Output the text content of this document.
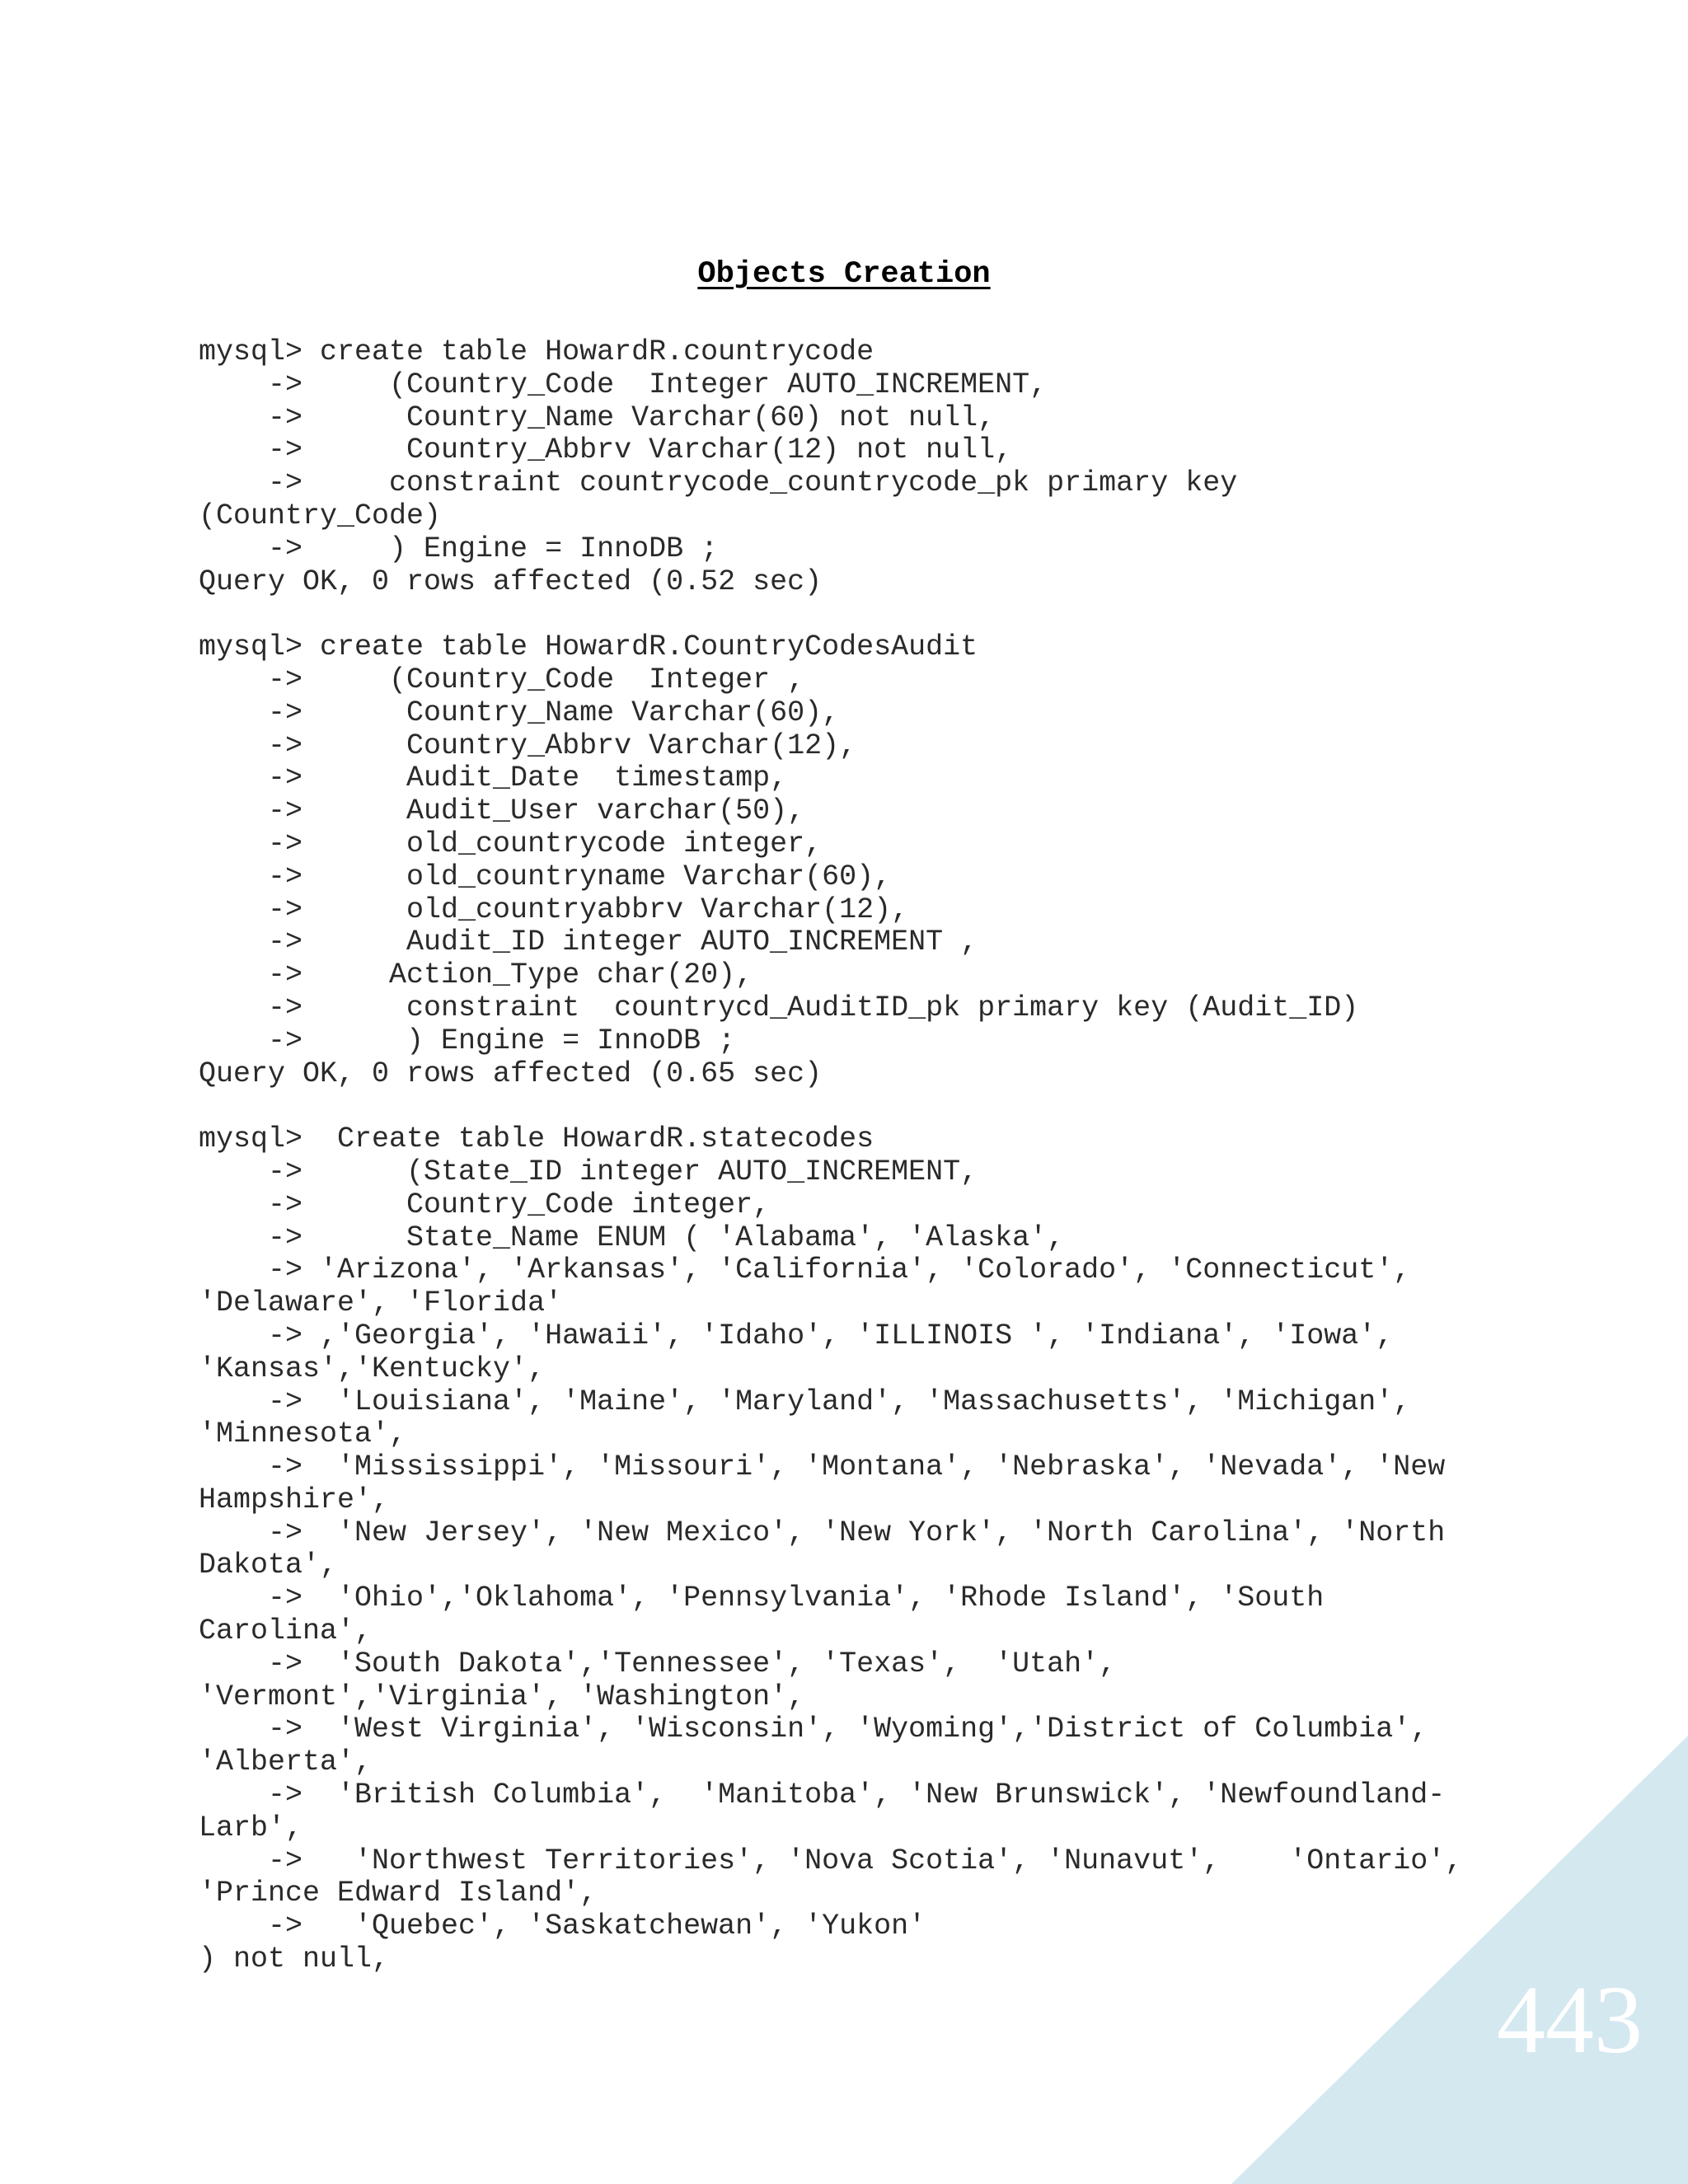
Objects Creation
mysql> create table HowardR.countrycode
->     (Country_Code  Integer AUTO_INCREMENT,
->      Country_Name Varchar(60) not null,
->      Country_Abbrv Varchar(12) not null,
->     constraint countrycode_countrycode_pk primary key
(Country_Code)
->     ) Engine = InnoDB ;
Query OK, 0 rows affected (0.52 sec)
mysql> create table HowardR.CountryCodesAudit
->     (Country_Code  Integer ,
->      Country_Name Varchar(60),
->      Country_Abbrv Varchar(12),
->      Audit_Date  timestamp,
->      Audit_User varchar(50),
->      old_countrycode integer,
->      old_countryname Varchar(60),
->      old_countryabbrv Varchar(12),
->      Audit_ID integer AUTO_INCREMENT ,
->     Action_Type char(20),
->      constraint  countrycd_AuditID_pk primary key (Audit_ID)
->      ) Engine = InnoDB ;
Query OK, 0 rows affected (0.65 sec)
mysql>  Create table HowardR.statecodes
->      (State_ID integer AUTO_INCREMENT,
->      Country_Code integer,
->      State_Name ENUM ( 'Alabama', 'Alaska',
-> 'Arizona', 'Arkansas', 'California', 'Colorado', 'Connecticut',
'Delaware', 'Florida'
-> ,'Georgia', 'Hawaii', 'Idaho', 'ILLINOIS ', 'Indiana', 'Iowa',
'Kansas','Kentucky',
->  'Louisiana', 'Maine', 'Maryland', 'Massachusetts', 'Michigan',
'Minnesota',
->  'Mississippi', 'Missouri', 'Montana', 'Nebraska', 'Nevada', 'New
Hampshire',
->  'New Jersey', 'New Mexico', 'New York', 'North Carolina', 'North
Dakota',
->  'Ohio','Oklahoma', 'Pennsylvania', 'Rhode Island', 'South
Carolina',
->  'South Dakota','Tennessee', 'Texas',  'Utah',
'Vermont','Virginia', 'Washington',
->  'West Virginia', 'Wisconsin', 'Wyoming','District of Columbia',
'Alberta',
->  'British Columbia',  'Manitoba', 'New Brunswick', 'Newfoundland-
Larb',
->   'Northwest Territories', 'Nova Scotia', 'Nunavut',    'Ontario',
'Prince Edward Island',
->   'Quebec', 'Saskatchewan', 'Yukon'
) not null,
443
